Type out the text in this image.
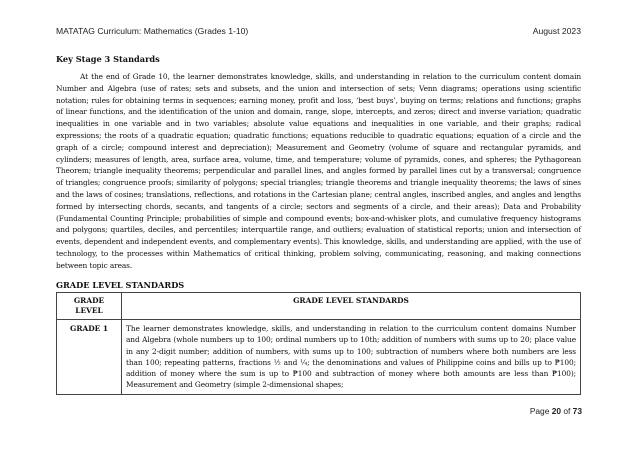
MATATAG Curriculum: Mathematics (Grades 1-10)	August 2023
Key Stage 3 Standards

At the end of Grade 10, the learner demonstrates knowledge, skills, and understanding in relation to the curriculum content domain Number and Algebra (use of rates; sets and subsets, and the union and intersection of sets; Venn diagrams; operations using scientific notation; rules for obtaining terms in sequences; earning money, profit and loss, ‘best buys’, buying on terms; relations and functions; graphs of linear functions, and the identification of the union and domain, range, slope, intercepts, and zeros; direct and inverse variation; quadratic inequalities in one variable and in two variables; absolute value equations and inequalities in one variable, and their graphs; radical expressions; the roots of a quadratic equation; quadratic functions; equations reducible to quadratic equations; equation of a circle and the graph of a circle; compound interest and depreciation); Measurement and Geometry (volume of square and rectangular pyramids, and cylinders; measures of length, area, surface area, volume, time, and temperature; volume of pyramids, cones, and spheres; the Pythagorean Theorem; triangle inequality theorems; perpendicular and parallel lines, and angles formed by parallel lines cut by a transversal; congruence of triangles; congruence proofs; similarity of polygons; special triangles; triangle theorems and triangle inequality theorems; the laws of sines and the laws of cosines; translations, reflections, and rotations in the Cartesian plane; central angles, inscribed angles, and angles and lengths formed by intersecting chords, secants, and tangents of a circle; sectors and segments of a circle, and their areas); Data and Probability (Fundamental Counting Principle; probabilities of simple and compound events; box-and-whisker plots, and cumulative frequency histograms and polygons; quartiles, deciles, and percentiles; interquartile range, and outliers; evaluation of statistical reports; union and intersection of events, dependent and independent events, and complementary events). This knowledge, skills, and understanding are applied, with the use of technology, to the processes within Mathematics of critical thinking, problem solving, communicating, reasoning, and making connections between topic areas.

GRADE LEVEL STANDARDS
GRADE LEVEL	GRADE LEVEL STANDARDS
GRADE 1	The learner demonstrates knowledge, skills, and understanding in relation to the curriculum content domains Number and Algebra (whole numbers up to 100; ordinal numbers up to 10th; addition of numbers with sums up to 20; place value in any 2-digit number; addition of numbers, with sums up to 100; subtraction of numbers where both numbers are less than 100; repeating patterns, fractions ½ and ¼; the denominations and values of Philippine coins and bills up to ₱100; addition of money where the sum is up to ₱100 and subtraction of money where both amounts are less than ₱100); Measurement and Geometry (simple 2-dimensional shapes;
Page 20 of 73
